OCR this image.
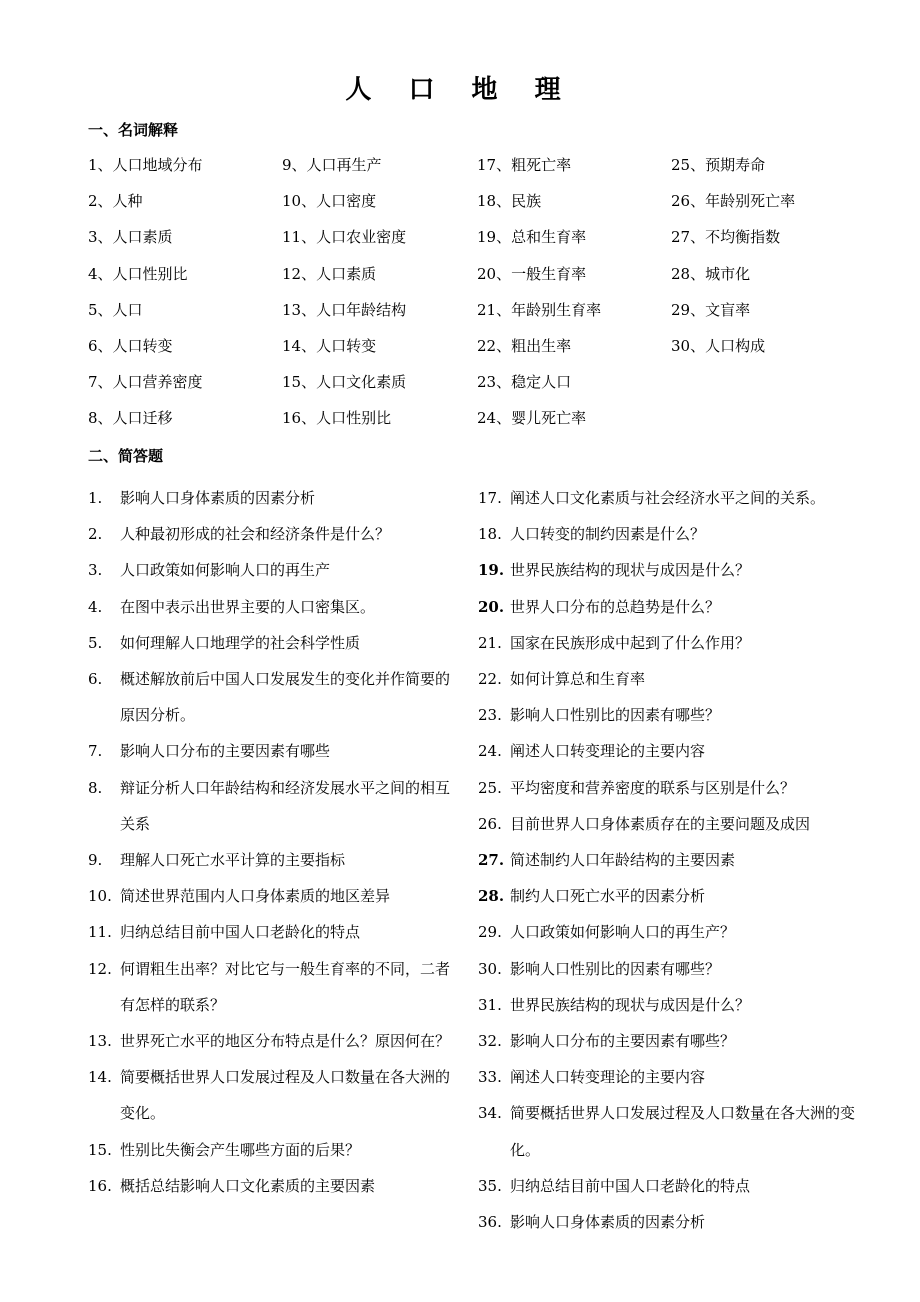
人 口 地 理
一、名词解释
1、人口地域分布	9、人口再生产	17、粗死亡率	25、预期寿命
2、人种	10、人口密度	18、民族	26、年龄别死亡率
3、人口素质	11、人口农业密度	19、总和生育率	27、不均衡指数
4、人口性别比	12、人口素质	20、一般生育率	28、城市化
5、人口	13、人口年龄结构	21、年龄别生育率	29、文盲率
6、人口转变	14、人口转变	22、粗出生率	30、人口构成
7、人口营养密度	15、人口文化素质	23、稳定人口
8、人口迁移	16、人口性别比	24、婴儿死亡率
二、简答题
1.	影响人口身体素质的因素分析
2.	人种最初形成的社会和经济条件是什么？
3.	人口政策如何影响人口的再生产
4.	在图中表示出世界主要的人口密集区。
5.	如何理解人口地理学的社会科学性质
6.	概述解放前后中国人口发展发生的变化并作简要的原因分析。
7.	影响人口分布的主要因素有哪些
8.	辩证分析人口年龄结构和经济发展水平之间的相互关系
9.	理解人口死亡水平计算的主要指标
10. 简述世界范围内人口身体素质的地区差异
11. 归纳总结目前中国人口老龄化的特点
12. 何谓粗生出率？对比它与一般生育率的不同，二者有怎样的联系？
13. 世界死亡水平的地区分布特点是什么？原因何在？
14. 简要概括世界人口发展过程及人口数量在各大洲的变化。
15. 性别比失衡会产生哪些方面的后果？
16. 概括总结影响人口文化素质的主要因素
17. 阐述人口文化素质与社会经济水平之间的关系。
18. 人口转变的制约因素是什么？
19. 世界民族结构的现状与成因是什么？
20. 世界人口分布的总趋势是什么？
21. 国家在民族形成中起到了什么作用？
22. 如何计算总和生育率
23. 影响人口性别比的因素有哪些？
24. 阐述人口转变理论的主要内容
25. 平均密度和营养密度的联系与区别是什么？
26. 目前世界人口身体素质存在的主要问题及成因
27. 简述制约人口年龄结构的主要因素
28. 制约人口死亡水平的因素分析
29. 人口政策如何影响人口的再生产？
30. 影响人口性别比的因素有哪些？
31. 世界民族结构的现状与成因是什么？
32. 影响人口分布的主要因素有哪些？
33. 阐述人口转变理论的主要内容
34. 简要概括世界人口发展过程及人口数量在各大洲的变化。
35. 归纳总结目前中国人口老龄化的特点
36. 影响人口身体素质的因素分析
